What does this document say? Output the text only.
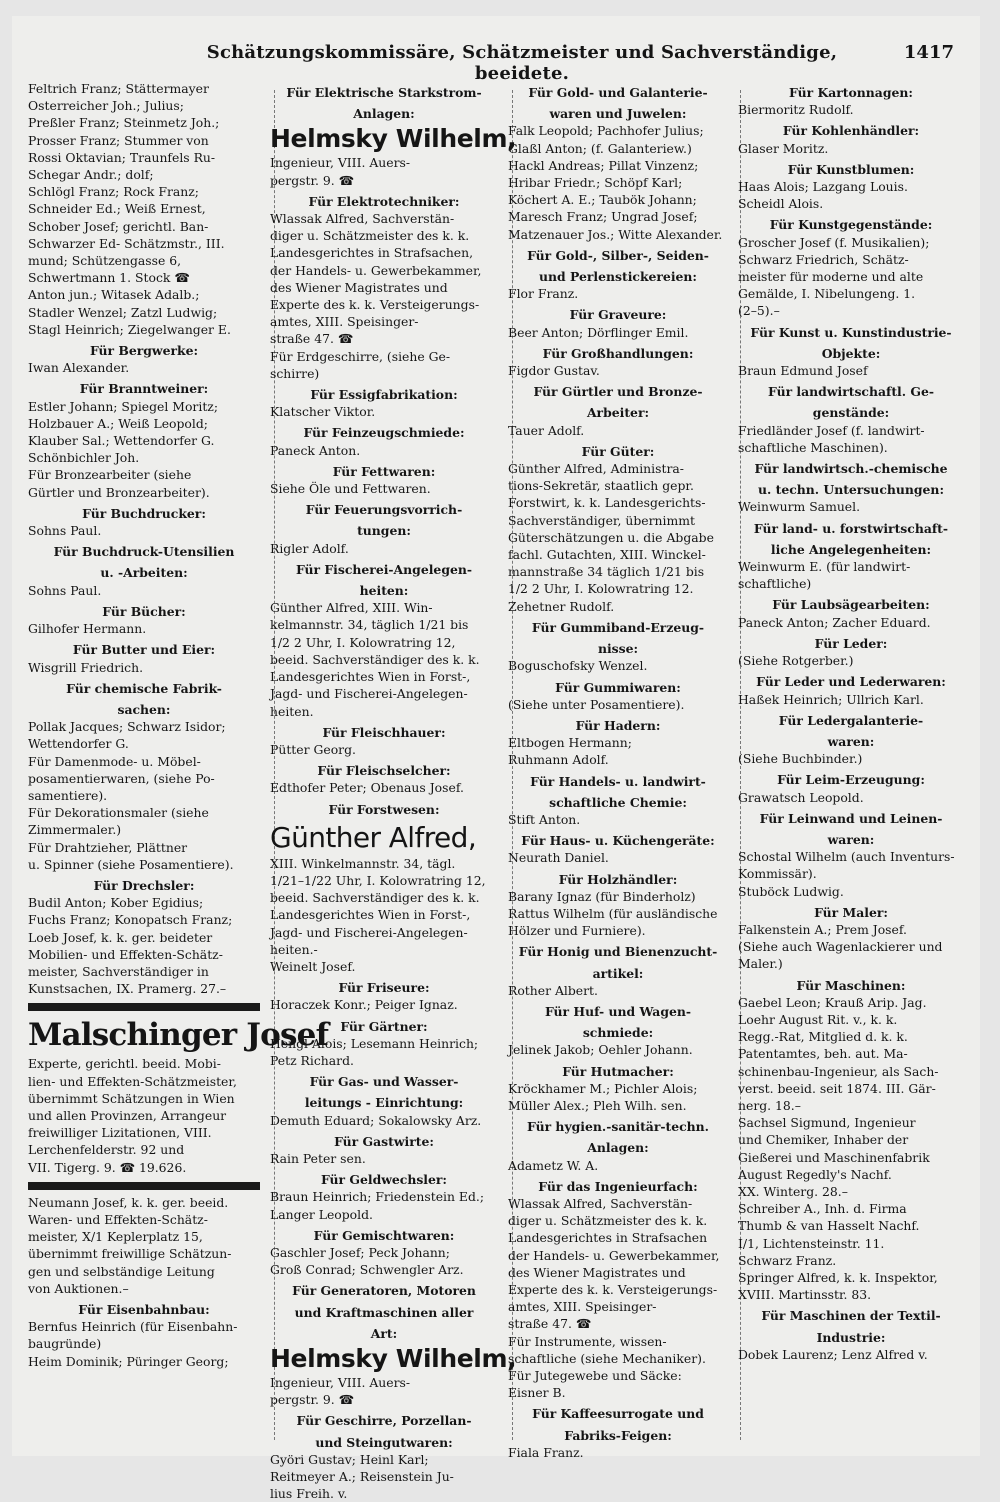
Schätzungskommissäre, Schätzmeister und Sachverständige, beeidete.
1417
Feltrich Franz; Stättermayer
Osterreicher Joh.; Julius;
Preßler Franz; Steinmetz Joh.;
Prosser Franz; Stummer von
Rossi Oktavian; Traunfels Ru-
Schegar Andr.; dolf;
Schlögl Franz; Rock Franz;
Schneider Ed.; Weiß Ernest,
Schober Josef; gerichtl. Ban-
Schwarzer Ed- Schätzmstr., III.
mund; Schützengasse 6,
Schwertmann 1. Stock ☎
Anton jun.; Witasek Adalb.;
Stadler Wenzel; Zatzl Ludwig;
Stagl Heinrich; Ziegelwanger E.
Für Bergwerke:
Iwan Alexander.
Für Branntweiner:
Estler Johann; Spiegel Moritz;
Holzbauer A.; Weiß Leopold;
Klauber Sal.; Wettendorfer G.
Schönbichler Joh.
Für Bronzearbeiter (siehe
Gürtler und Bronzearbeiter).
Für Buchdrucker:
Sohns Paul.
Für Buchdruck-Utensilien
u. -Arbeiten:
Sohns Paul.
Für Bücher:
Gilhofer Hermann.
Für Butter und Eier:
Wisgrill Friedrich.
Für chemische Fabrik-
sachen:
Pollak Jacques; Schwarz Isidor;
Wettendorfer G.
Für Damenmode- u. Möbel-
posamentierwaren, (siehe Po-
samentiere).
Für Dekorationsmaler (siehe
Zimmermaler.)
Für Drahtzieher, Plättner
u. Spinner (siehe Posamentiere).
Für Drechsler:
Budil Anton; Kober Egidius;
Fuchs Franz; Konopatsch Franz;
Loeb Josef, k. k. ger. beideter
Mobilien- und Effekten-Schätz-
meister, Sachverständiger in
Kunstsachen, IX. Pramerg. 27.–
Malschinger Josef
Experte, gerichtl. beeid. Mobi-
lien- und Effekten-Schätzmeister,
übernimmt Schätzungen in Wien
und allen Provinzen, Arrangeur
freiwilliger Lizitationen, VIII.
Lerchenfelderstr. 92 und
VII. Tigerg. 9. ☎ 19.626.
Neumann Josef, k. k. ger. beeid.
Waren- und Effekten-Schätz-
meister, X/1 Keplerplatz 15,
übernimmt freiwillige Schätzun-
gen und selbständige Leitung
von Auktionen.–
Für Eisenbahnbau:
Bernfus Heinrich (für Eisenbahn-
baugründe)
Heim Dominik; Püringer Georg;
Für Elektrische Starkstrom-
Anlagen:
Helmsky Wilhelm,
Ingenieur, VIII. Auers-
pergstr. 9. ☎
Für Elektrotechniker:
Wlassak Alfred, Sachverstän-
diger u. Schätzmeister des k. k.
Landesgerichtes in Strafsachen,
der Handels- u. Gewerbekammer,
des Wiener Magistrates und
Experte des k. k. Versteigerungs-
amtes, XIII. Speisinger-
straße 47. ☎
Für Erdgeschirre, (siehe Ge-
schirre)
Für Essigfabrikation:
Klatscher Viktor.
Für Feinzeugschmiede:
Paneck Anton.
Für Fettwaren:
Siehe Öle und Fettwaren.
Für Feuerungsvorrich-
tungen:
Rigler Adolf.
Für Fischerei-Angelegen-
heiten:
Günther Alfred, XIII. Win-
kelmannstr. 34, täglich 1/21 bis
1/2 2 Uhr, I. Kolowratring 12,
beeid. Sachverständiger des k. k.
Landesgerichtes Wien in Forst-,
Jagd- und Fischerei-Angelegen-
heiten.
Für Fleischhauer:
Pütter Georg.
Für Fleischselcher:
Edthofer Peter; Obenaus Josef.
Für Forstwesen:
Günther Alfred,
XIII. Winkelmannstr. 34, tägl.
1/21–1/22 Uhr, I. Kolowratring 12,
beeid. Sachverständiger des k. k.
Landesgerichtes Wien in Forst-,
Jagd- und Fischerei-Angelegen-
heiten.-
Weinelt Josef.
Für Friseure:
Horaczek Konr.; Peiger Ignaz.
Für Gärtner:
Hengl Alois; Lesemann Heinrich;
Petz Richard.
Für Gas- und Wasser-
leitungs - Einrichtung:
Demuth Eduard; Sokalowsky Arz.
Für Gastwirte:
Rain Peter sen.
Für Geldwechsler:
Braun Heinrich; Friedenstein Ed.;
Langer Leopold.
Für Gemischtwaren:
Gaschler Josef; Peck Johann;
Groß Conrad; Schwengler Arz.
Für Generatoren, Motoren
und Kraftmaschinen aller
Art:
Helmsky Wilhelm,
Ingenieur, VIII. Auers-
pergstr. 9. ☎
Für Geschirre, Porzellan-
und Steingutwaren:
Györi Gustav; Heinl Karl;
Reitmeyer A.; Reisenstein Ju-
lius Freih. v.
Für Gold- und Galanterie-
waren und Juwelen:
Falk Leopold; Pachhofer Julius;
Glaßl Anton; (f. Galanteriew.)
Hackl Andreas; Pillat Vinzenz;
Hribar Friedr.; Schöpf Karl;
Köchert A. E.; Taubök Johann;
Maresch Franz; Ungrad Josef;
Matzenauer Jos.; Witte Alexander.
Für Gold-, Silber-, Seiden-
und Perlenstickereien:
Flor Franz.
Für Graveure:
Beer Anton; Dörflinger Emil.
Für Großhandlungen:
Figdor Gustav.
Für Gürtler und Bronze-
Arbeiter:
Tauer Adolf.
Für Güter:
Günther Alfred, Administra-
tions-Sekretär, staatlich gepr.
Forstwirt, k. k. Landesgerichts-
Sachverständiger, übernimmt
Güterschätzungen u. die Abgabe
fachl. Gutachten, XIII. Winckel-
mannstraße 34 täglich 1/21 bis
1/2 2 Uhr, I. Kolowratring 12.
Zehetner Rudolf.
Für Gummiband-Erzeug-
nisse:
Boguschofsky Wenzel.
Für Gummiwaren:
(Siehe unter Posamentiere).
Für Hadern:
Eltbogen Hermann;
Ruhmann Adolf.
Für Handels- u. landwirt-
schaftliche Chemie:
Stift Anton.
Für Haus- u. Küchengeräte:
Neurath Daniel.
Für Holzhändler:
Barany Ignaz (für Binderholz)
Rattus Wilhelm (für ausländische
Hölzer und Furniere).
Für Honig und Bienenzucht-
artikel:
Rother Albert.
Für Huf- und Wagen-
schmiede:
Jelinek Jakob; Oehler Johann.
Für Hutmacher:
Kröckhamer M.; Pichler Alois;
Müller Alex.; Pleh Wilh. sen.
Für hygien.-sanitär-techn.
Anlagen:
Adametz W. A.
Für das Ingenieurfach:
Wlassak Alfred, Sachverstän-
diger u. Schätzmeister des k. k.
Landesgerichtes in Strafsachen
der Handels- u. Gewerbekammer,
des Wiener Magistrates und
Experte des k. k. Versteigerungs-
amtes, XIII. Speisinger-
straße 47. ☎
Für Instrumente, wissen-
schaftliche (siehe Mechaniker).
Für Jutegewebe und Säcke:
Eisner B.
Für Kaffeesurrogate und
Fabriks-Feigen:
Fiala Franz.
Für Kartonnagen:
Biermoritz Rudolf.
Für Kohlenhändler:
Glaser Moritz.
Für Kunstblumen:
Haas Alois; Lazgang Louis.
Scheidl Alois.
Für Kunstgegenstände:
Groscher Josef (f. Musikalien);
Schwarz Friedrich, Schätz-
meister für moderne und alte
Gemälde, I. Nibelungeng. 1.
(2–5).–
Für Kunst u. Kunstindustrie-
Objekte:
Braun Edmund Josef
Für landwirtschaftl. Ge-
genstände:
Friedländer Josef (f. landwirt-
schaftliche Maschinen).
Für landwirtsch.-chemische
u. techn. Untersuchungen:
Weinwurm Samuel.
Für land- u. forstwirtschaft-
liche Angelegenheiten:
Weinwurm E. (für landwirt-
schaftliche)
Für Laubsägearbeiten:
Paneck Anton; Zacher Eduard.
Für Leder:
(Siehe Rotgerber.)
Für Leder und Lederwaren:
Haßek Heinrich; Ullrich Karl.
Für Ledergalanterie-
waren:
(Siehe Buchbinder.)
Für Leim-Erzeugung:
Grawatsch Leopold.
Für Leinwand und Leinen-
waren:
Schostal Wilhelm (auch Inventurs-
Kommissär).
Stuböck Ludwig.
Für Maler:
Falkenstein A.; Prem Josef.
(Siehe auch Wagenlackierer und
Maler.)
Für Maschinen:
Gaebel Leon; Krauß Arip. Jag.
Loehr August Rit. v., k. k.
Regg.-Rat, Mitglied d. k. k.
Patentamtes, beh. aut. Ma-
schinenbau-Ingenieur, als Sach-
verst. beeid. seit 1874. III. Gär-
nerg. 18.–
Sachsel Sigmund, Ingenieur
und Chemiker, Inhaber der
Gießerei und Maschinenfabrik
August Regedly's Nachf.
XX. Winterg. 28.–
Schreiber A., Inh. d. Firma
Thumb & van Hasselt Nachf.
I/1, Lichtensteinstr. 11.
Schwarz Franz.
Springer Alfred, k. k. Inspektor,
XVIII. Martinsstr. 83.
Für Maschinen der Textil-
Industrie:
Dobek Laurenz; Lenz Alfred v.
